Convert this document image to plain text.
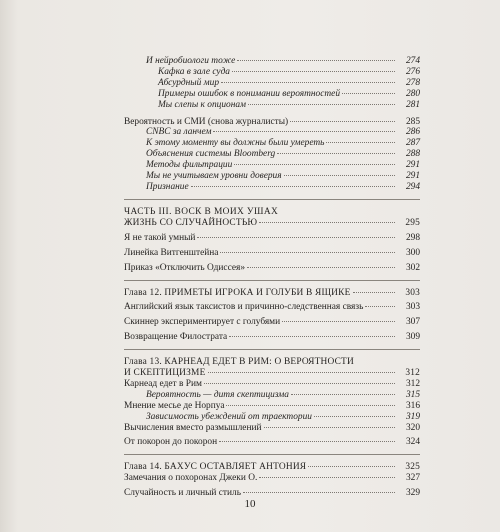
И нейробиологи тоже	274
Кафка в зале суда	276
Абсурдный мир	278
Примеры ошибок в понимании вероятностей	280
Мы слепы к опционам	281
Вероятность и СМИ (снова журналисты)	285
CNBC за ланчем	286
К этому моменту вы должны были умереть	287
Объяснения системы Bloomberg	288
Методы фильтрации	291
Мы не учитываем уровни доверия	291
Признание	294
ЧАСТЬ III. ВОСК В МОИХ УШАХ
ЖИЗНЬ СО СЛУЧАЙНОСТЬЮ	295
Я не такой умный	298
Линейка Витгенштейна	300
Приказ «Отключить Одиссея»	302
Глава 12. ПРИМЕТЫ ИГРОКА И ГОЛУБИ В ЯЩИКЕ	303
Английский язык таксистов и причинно-следственная связь	303
Скиннер экспериментирует с голубями	307
Возвращение Филострата	309
Глава 13. КАРНЕАД ЕДЕТ В РИМ: О ВЕРОЯТНОСТИ
И СКЕПТИЦИЗМЕ	312
Карнеад едет в Рим	312
Вероятность — дитя скептицизма	315
Мнение месье де Норпуа	316
Зависимость убеждений от траектории	319
Вычисления вместо размышлений	320
От покорон до покорон	324
Глава 14. БАХУС ОСТАВЛЯЕТ АНТОНИЯ	325
Замечания о похоронах Джеки О.	327
Случайность и личный стиль	329
10
